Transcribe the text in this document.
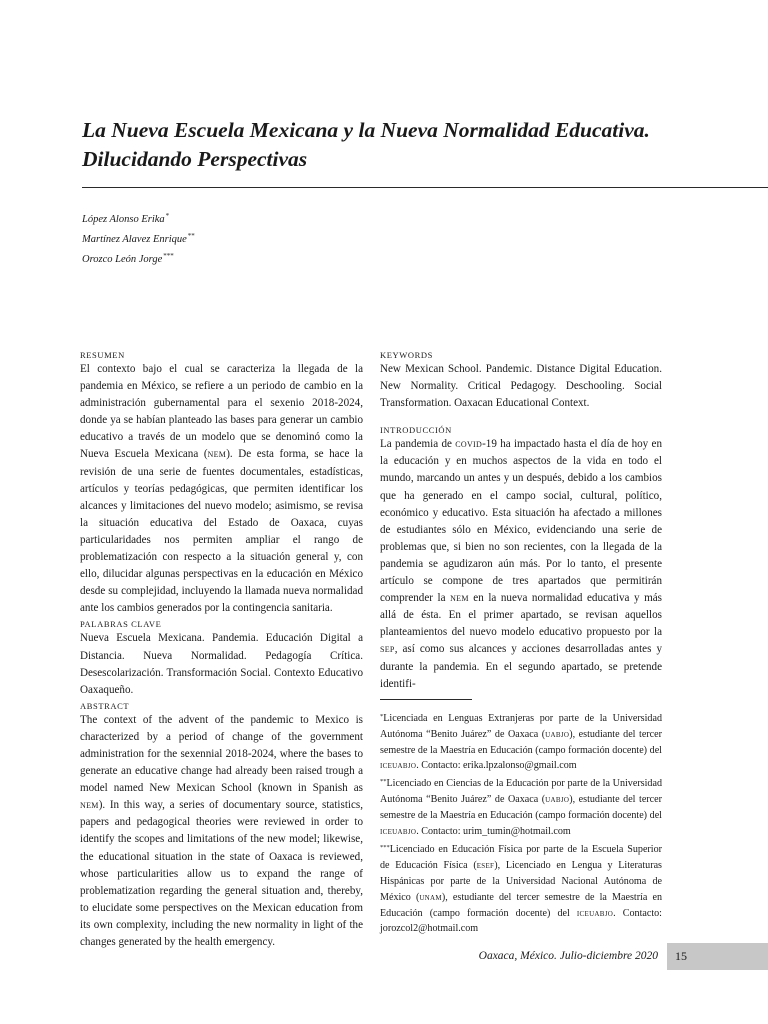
La Nueva Escuela Mexicana y la Nueva Normalidad Educativa. Dilucidando Perspectivas
López Alonso Erika*
Martínez Alavez Enrique**
Orozco León Jorge***
RESUMEN

El contexto bajo el cual se caracteriza la llegada de la pandemia en México, se refiere a un periodo de cambio en la administración gubernamental para el sexenio 2018-2024, donde ya se habían planteado las bases para generar un cambio educativo a través de un modelo que se denominó como la Nueva Escuela Mexicana (nem). De esta forma, se hace la revisión de una serie de fuentes documentales, estadísticas, artículos y teorías pedagógicas, que permiten identificar los alcances y limitaciones del nuevo modelo; asimismo, se revisa la situación educativa del Estado de Oaxaca, cuyas particularidades nos permiten ampliar el rango de problematización con respecto a la situación general y, con ello, dilucidar algunas perspectivas en la educación en México desde su complejidad, incluyendo la llamada nueva normalidad ante los cambios generados por la contingencia sanitaria.

PALABRAS CLAVE

Nueva Escuela Mexicana. Pandemia. Educación Digital a Distancia. Nueva Normalidad. Pedagogía Crítica. Desescolarización. Transformación Social. Contexto Educativo Oaxaqueño.

ABSTRACT

The context of the advent of the pandemic to Mexico is characterized by a period of change of the government administration for the sexennial 2018-2024, where the bases to generate an educative change had already been raised trough a model named New Mexican School (known in Spanish as nem). In this way, a series of documentary source, statistics, papers and pedagogical theories were reviewed in order to identify the scopes and limitations of the new model; likewise, the educational situation in the state of Oaxaca is reviewed, whose particularities allow us to expand the range of problematization regarding the general situation and, thereby, to elucidate some perspectives on the Mexican education from its own complexity, including the new normality in light of the changes generated by the health emergency.

KEYWORDS

New Mexican School. Pandemic. Distance Digital Education. New Normality. Critical Pedagogy. Deschooling. Social Transformation. Oaxacan Educational Context.

INTRODUCCIÓN

La pandemia de covid-19 ha impactado hasta el día de hoy en la educación y en muchos aspectos de la vida en todo el mundo, marcando un antes y un después, debido a los cambios que ha generado en el campo social, cultural, político, económico y educativo. Esta situación ha afectado a millones de estudiantes sólo en México, evidenciando una serie de problemas que, si bien no son recientes, con la llegada de la pandemia se agudizaron aún más. Por lo tanto, el presente artículo se compone de tres apartados que permitirán comprender la nem en la nueva normalidad educativa y más allá de ésta. En el primer apartado, se revisan aquellos planteamientos del nuevo modelo educativo propuesto por la sep, así como sus alcances y acciones desarrolladas antes y durante la pandemia. En el segundo apartado, se pretende identifi-

*Licenciada en Lenguas Extranjeras por parte de la Universidad Autónoma “Benito Juárez” de Oaxaca (uabjo), estudiante del tercer semestre de la Maestría en Educación (campo formación docente) del iceuabjo. Contacto: erika.lpzalonso@gmail.com

**Licenciado en Ciencias de la Educación por parte de la Universidad Autónoma “Benito Juárez” de Oaxaca (uabjo), estudiante del tercer semestre de la Maestría en Educación (campo formación docente) del iceuabjo. Contacto: urim_tumin@hotmail.com

***Licenciado en Educación Física por parte de la Escuela Superior de Educación Física (esef), Licenciado en Lengua y Literaturas Hispánicas por parte de la Universidad Nacional Autónoma de México (unam), estudiante del tercer semestre de la Maestría en Educación (campo formación docente) del iceuabjo. Contacto: jorozcol2@hotmail.com

Oaxaca, México. Julio-diciembre 2020 15
